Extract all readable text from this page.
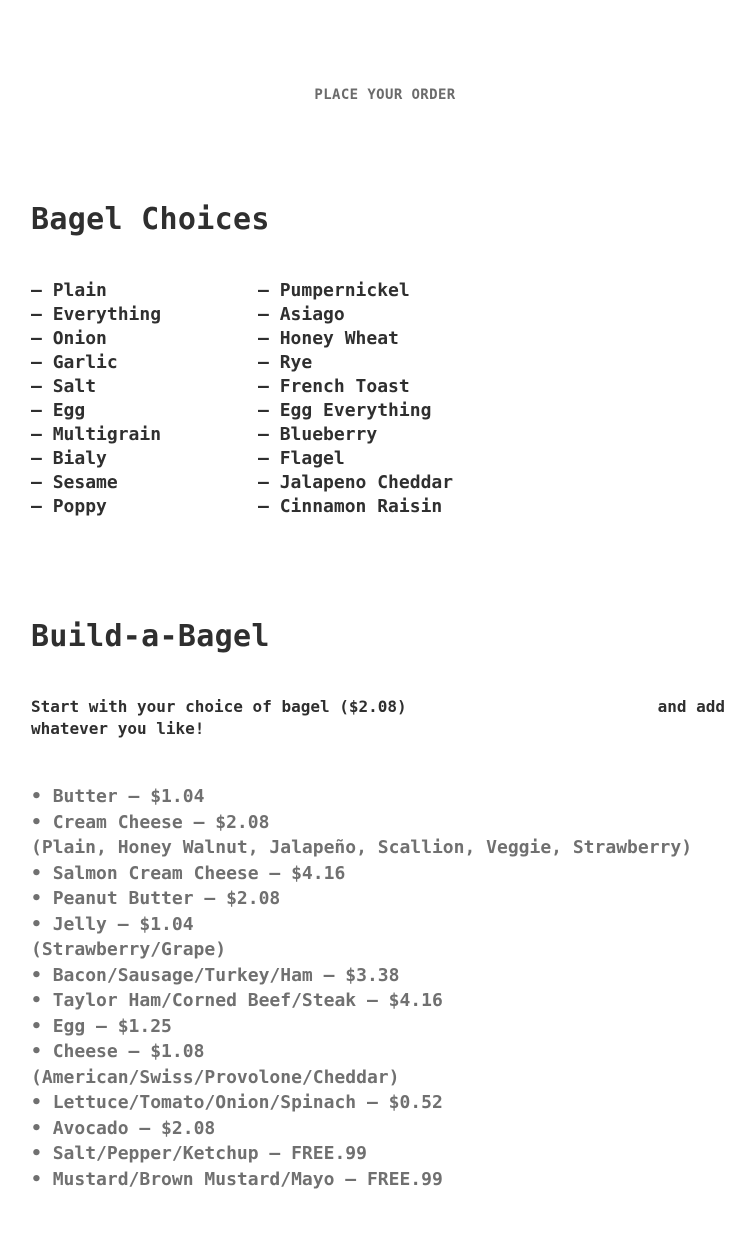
PLACE YOUR ORDER
Bagel Choices
– Plain
– Everything
– Onion
– Garlic
– Salt
– Egg
– Multigrain
– Bialy
– Sesame
– Poppy
– Pumpernickel
– Asiago
– Honey Wheat
– Rye
– French Toast
– Egg Everything
– Blueberry
– Flagel
– Jalapeno Cheddar
– Cinnamon Raisin
Build-a-Bagel
and add
Start with your choice of bagel ($2.08)
whatever you like!
• Butter – $1.04
• Cream Cheese – $2.08
(Plain, Honey Walnut, Jalapeño, Scallion, Veggie, Strawberry)
• Salmon Cream Cheese – $4.16
• Peanut Butter – $2.08
• Jelly – $1.04
(Strawberry/Grape)
• Bacon/Sausage/Turkey/Ham – $3.38
• Taylor Ham/Corned Beef/Steak – $4.16
• Egg – $1.25
• Cheese – $1.08
(American/Swiss/Provolone/Cheddar)
• Lettuce/Tomato/Onion/Spinach – $0.52
• Avocado – $2.08
• Salt/Pepper/Ketchup – FREE.99
• Mustard/Brown Mustard/Mayo – FREE.99
